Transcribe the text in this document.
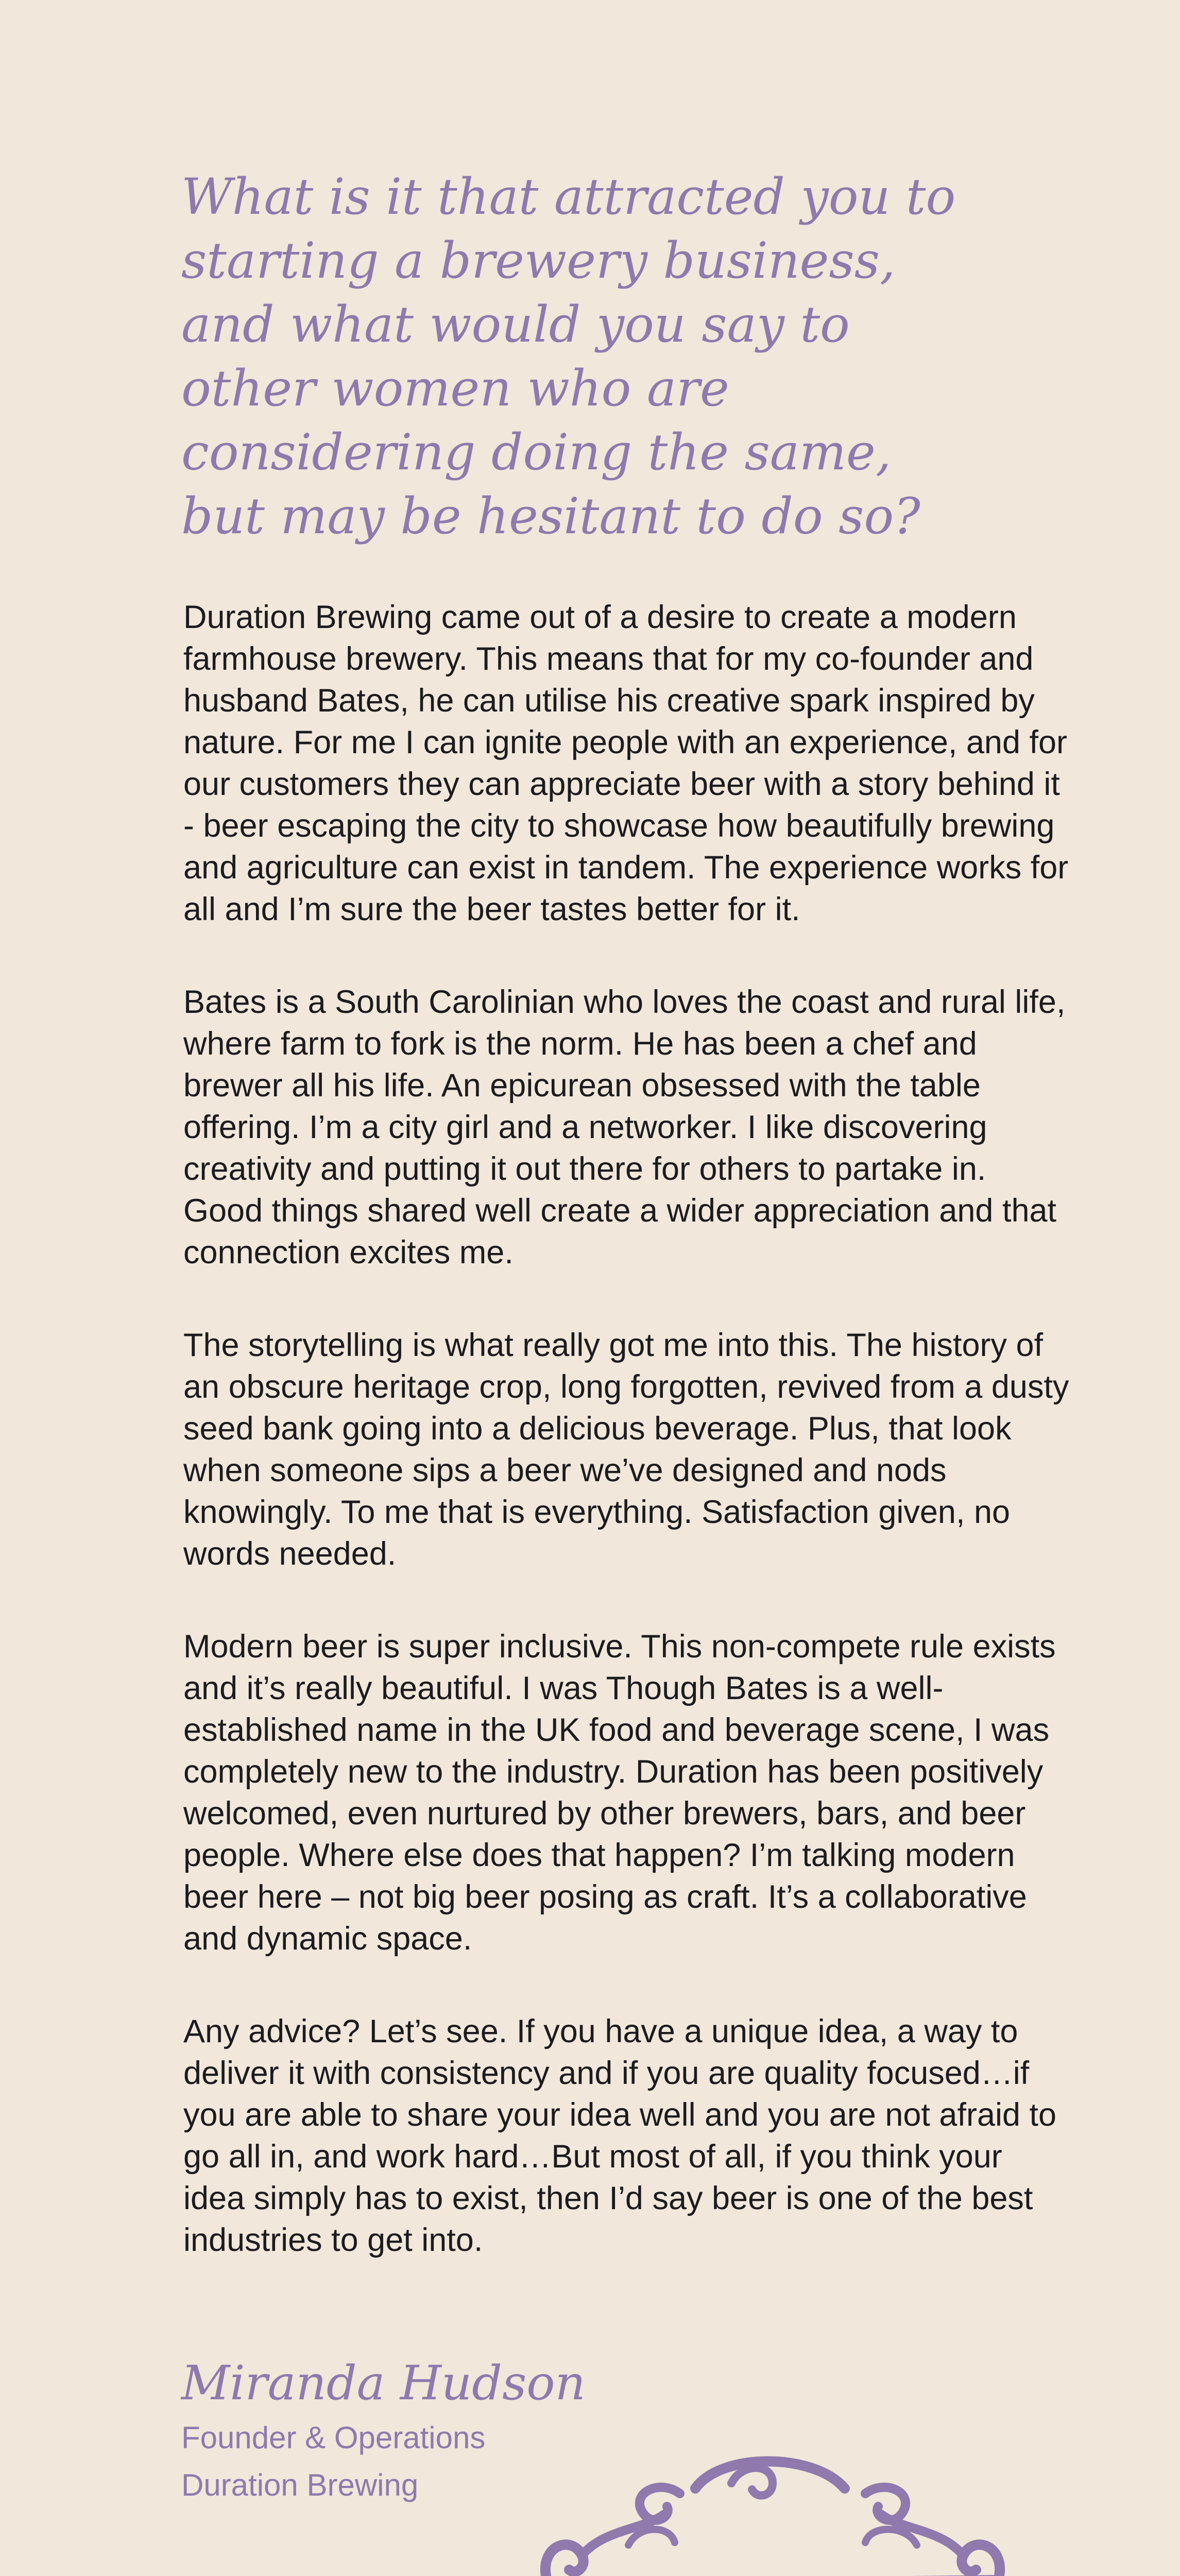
What is it that attracted you to starting a brewery business, and what would you say to other women who are considering doing the same, but may be hesitant to do so?

Duration Brewing came out of a desire to create a modern farmhouse brewery. This means that for my co-founder and husband Bates, he can utilise his creative spark inspired by nature. For me I can ignite people with an experience, and for our customers they can appreciate beer with a story behind it - beer escaping the city to showcase how beautifully brewing and agriculture can exist in tandem. The experience works for all and I’m sure the beer tastes better for it.

Bates is a South Carolinian who loves the coast and rural life, where farm to fork is the norm. He has been a chef and brewer all his life. An epicurean obsessed with the table offering. I’m a city girl and a networker. I like discovering creativity and putting it out there for others to partake in. Good things shared well create a wider appreciation and that connection excites me.

The storytelling is what really got me into this. The history of an obscure heritage crop, long forgotten, revived from a dusty seed bank going into a delicious beverage. Plus, that look when someone sips a beer we’ve designed and nods knowingly. To me that is everything. Satisfaction given, no words needed.

Modern beer is super inclusive. This non-compete rule exists and it’s really beautiful. I was Though Bates is a well-established name in the UK food and beverage scene, I was completely new to the industry. Duration has been positively welcomed, even nurtured by other brewers, bars, and beer people. Where else does that happen? I’m talking modern beer here – not big beer posing as craft. It’s a collaborative and dynamic space.

Any advice? Let’s see. If you have a unique idea, a way to deliver it with consistency and if you are quality focused…if you are able to share your idea well and you are not afraid to go all in, and work hard…But most of all, if you think your idea simply has to exist, then I’d say beer is one of the best industries to get into.

Miranda Hudson

Founder & Operations

Duration Brewing
